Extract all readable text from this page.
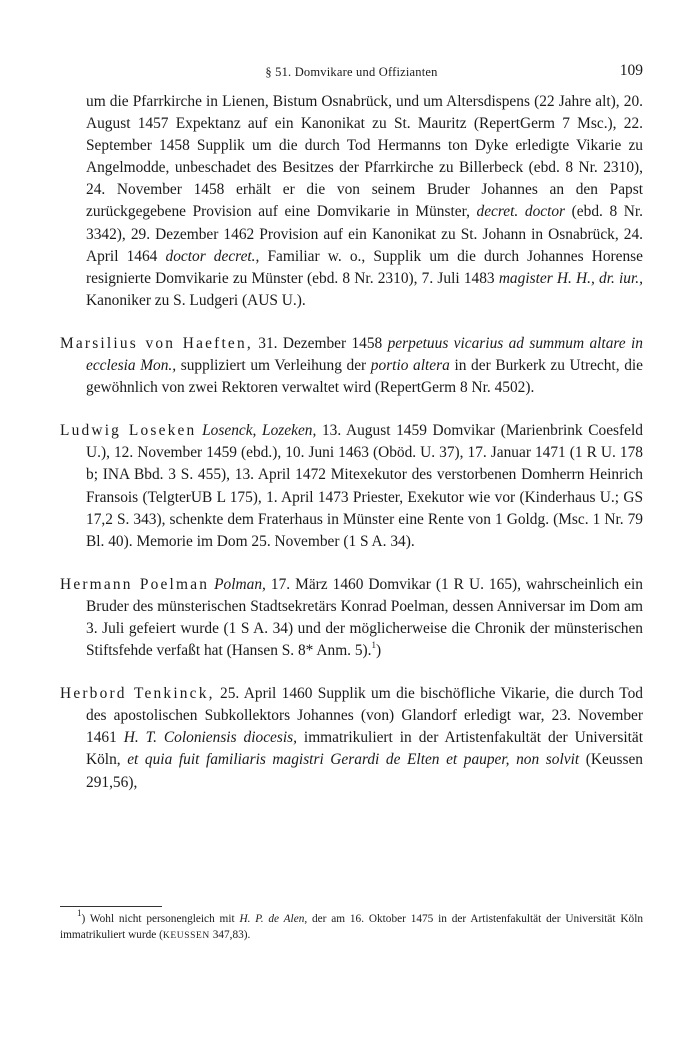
§ 51. Domvikare und Offizianten	109

um die Pfarrkirche in Lienen, Bistum Osnabrück, und um Altersdispens (22 Jahre alt), 20. August 1457 Expektanz auf ein Kanonikat zu St. Mauritz (RepertGerm 7 Msc.), 22. September 1458 Supplik um die durch Tod Hermanns ton Dyke erledigte Vikarie zu Angelmodde, unbeschadet des Besitzes der Pfarrkirche zu Billerbeck (ebd. 8 Nr. 2310), 24. November 1458 erhält er die von seinem Bruder Johannes an den Papst zurückgegebene Provision auf eine Domvikarie in Münster, decret. doctor (ebd. 8 Nr. 3342), 29. Dezember 1462 Provision auf ein Kanonikat zu St. Johann in Osnabrück, 24. April 1464 doctor decret., Familiar w. o., Supplik um die durch Johannes Horense resignierte Domvikarie zu Münster (ebd. 8 Nr. 2310), 7. Juli 1483 magister H. H., dr. iur., Kanoniker zu S. Ludgeri (AUS U.).

Marsilius von Haeften, 31. Dezember 1458 perpetuus vicarius ad summum altare in ecclesia Mon., suppliziert um Verleihung der portio altera in der Burkerk zu Utrecht, die gewöhnlich von zwei Rektoren verwaltet wird (RepertGerm 8 Nr. 4502).

Ludwig Loseken Losenck, Lozeken, 13. August 1459 Domvikar (Marienbrink Coesfeld U.), 12. November 1459 (ebd.), 10. Juni 1463 (Oböd. U. 37), 17. Januar 1471 (1 R U. 178 b; INA Bbd. 3 S. 455), 13. April 1472 Mitexekutor des verstorbenen Domherrn Heinrich Fransois (TelgterUB L 175), 1. April 1473 Priester, Exekutor wie vor (Kinderhaus U.; GS 17,2 S. 343), schenkte dem Fraterhaus in Münster eine Rente von 1 Goldg. (Msc. 1 Nr. 79 Bl. 40). Memorie im Dom 25. November (1 S A. 34).

Hermann Poelman Polman, 17. März 1460 Domvikar (1 R U. 165), wahrscheinlich ein Bruder des münsterischen Stadtsekretärs Konrad Poelman, dessen Anniversar im Dom am 3. Juli gefeiert wurde (1 S A. 34) und der möglicherweise die Chronik der münsterischen Stiftsfehde verfaßt hat (Hansen S. 8* Anm. 5).$^1$)

Herbord Tenkinck, 25. April 1460 Supplik um die bischöfliche Vikarie, die durch Tod des apostolischen Subkollektors Johannes (von) Glandorf erledigt war, 23. November 1461 H. T. Coloniensis diocesis, immatrikuliert in der Artistenfakultät der Universität Köln, et quia fuit familiaris magistri Gerardi de Elten et pauper, non solvit (Keussen 291,56),

$^1$) Wohl nicht personengleich mit H. P. de Alen, der am 16. Oktober 1475 in der Artistenfakultät der Universität Köln immatrikuliert wurde (KEUSSEN 347,83).
